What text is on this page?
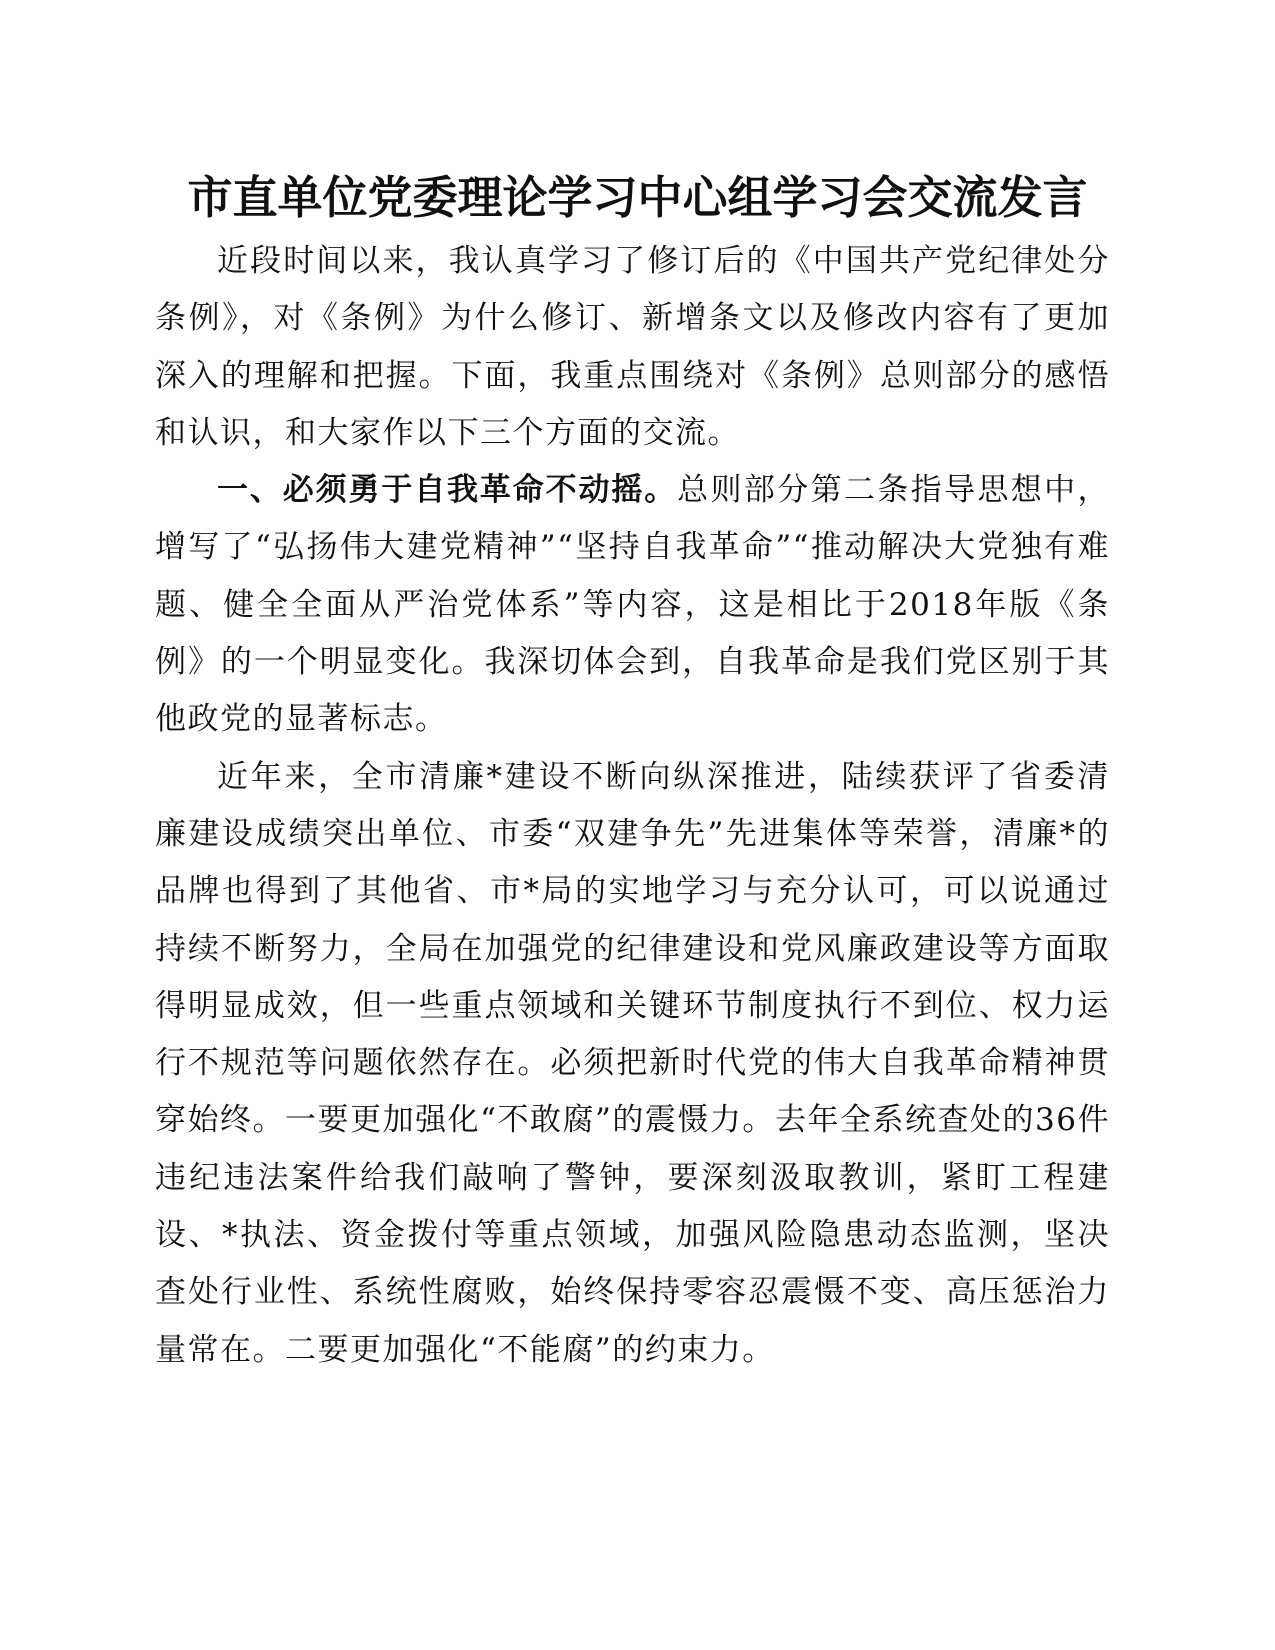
市直单位党委理论学习中心组学习会交流发言

近段时间以来，我认真学习了修订后的《中国共产党纪律处分条例》，对《条例》为什么修订、新增条文以及修改内容有了更加深入的理解和把握。下面，我重点围绕对《条例》总则部分的感悟和认识，和大家作以下三个方面的交流。

一、必须勇于自我革命不动摇。总则部分第二条指导思想中，增写了“弘扬伟大建党精神”“坚持自我革命”“推动解决大党独有难题、健全全面从严治党体系”等内容，这是相比于2018年版《条例》的一个明显变化。我深切体会到，自我革命是我们党区别于其他政党的显著标志。

近年来，全市清廉*建设不断向纵深推进，陆续获评了省委清廉建设成绩突出单位、市委“双建争先”先进集体等荣誉，清廉*的品牌也得到了其他省、市*局的实地学习与充分认可，可以说通过持续不断努力，全局在加强党的纪律建设和党风廉政建设等方面取得明显成效，但一些重点领域和关键环节制度执行不到位、权力运行不规范等问题依然存在。必须把新时代党的伟大自我革命精神贯穿始终。一要更加强化“不敢腐”的震慑力。去年全系统查处的36件违纪违法案件给我们敲响了警钟，要深刻汲取教训，紧盯工程建设、*执法、资金拨付等重点领域，加强风险隐患动态监测，坚决查处行业性、系统性腐败，始终保持零容忍震慑不变、高压惩治力量常在。二要更加强化“不能腐”的约束力。
